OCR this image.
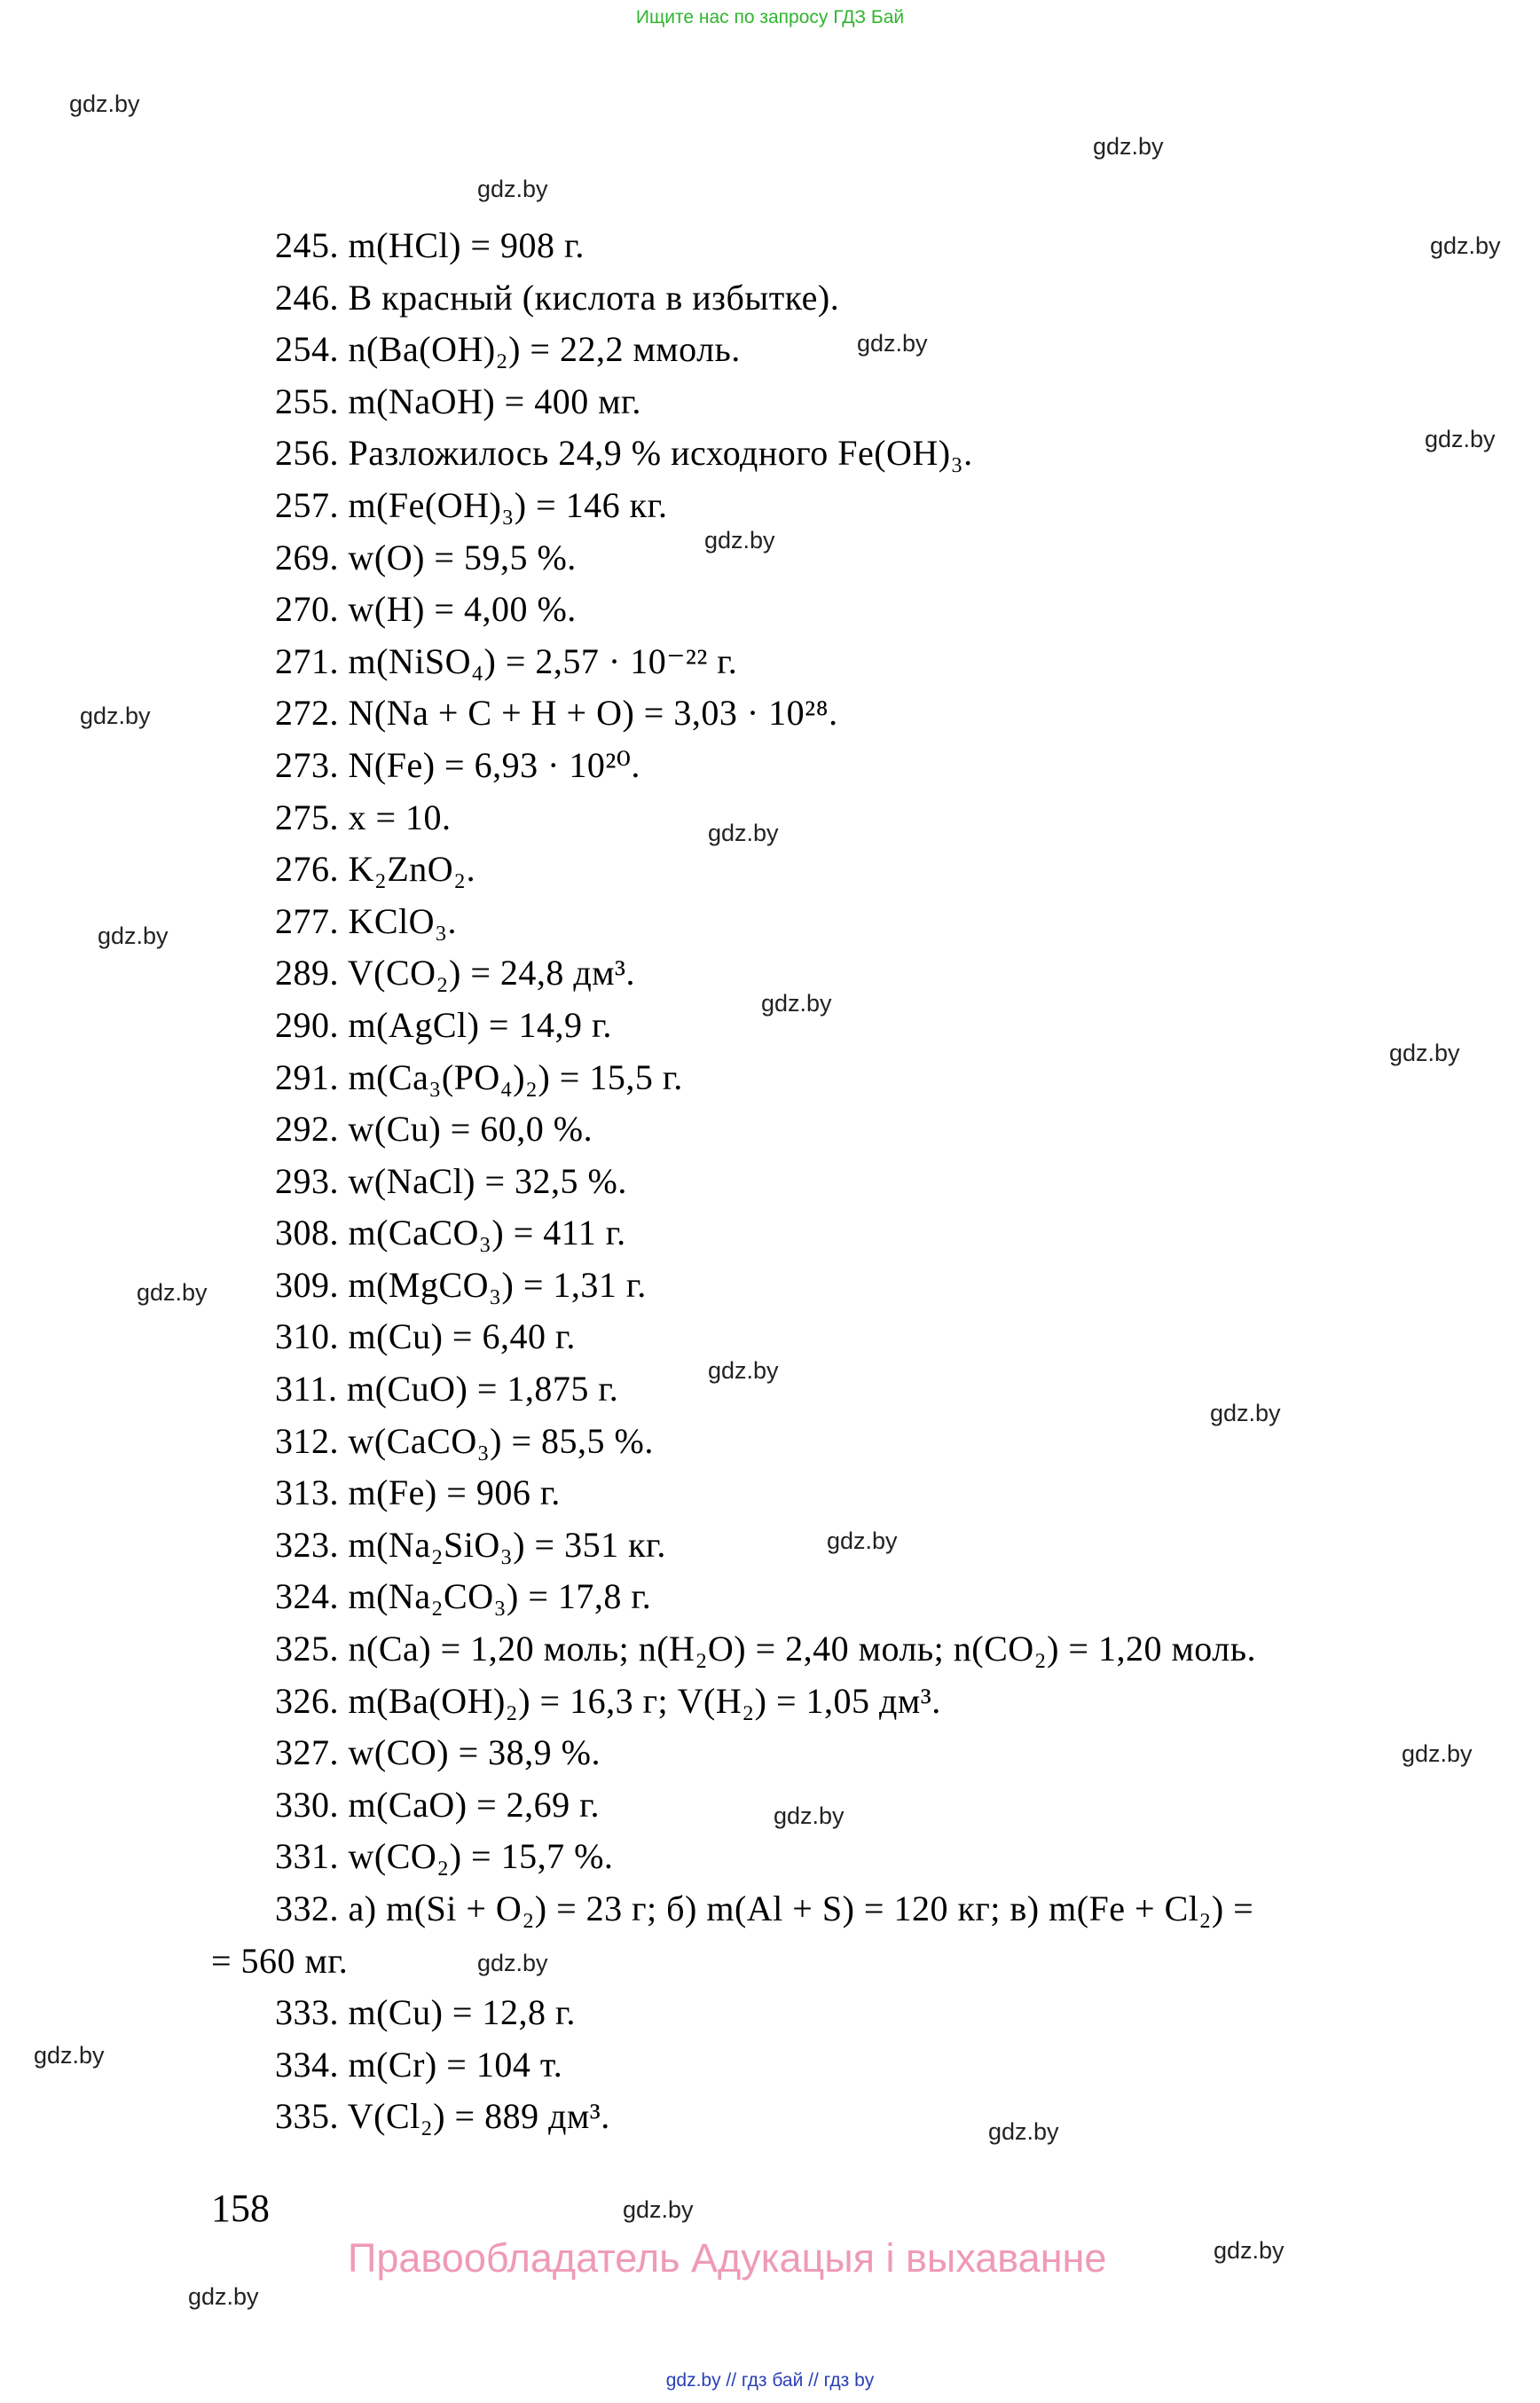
Ищите нас по запросу ГДЗ Бай
gdz.by
gdz.by
gdz.by
gdz.by
gdz.by
gdz.by
gdz.by
gdz.by
gdz.by
gdz.by
gdz.by
gdz.by
gdz.by
gdz.by
gdz.by
gdz.by
gdz.by
gdz.by
gdz.by
gdz.by
gdz.by
gdz.by
gdz.by
gdz.by
245. m(HCl) = 908 г.
246. В красный (кислота в избытке).
254. n(Ba(OH)₂) = 22,2 ммоль.
255. m(NaOH) = 400 мг.
256. Разложилось 24,9 % исходного Fe(OH)₃.
257. m(Fe(OH)₃) = 146 кг.
269. w(O) = 59,5 %.
270. w(H) = 4,00 %.
271. m(NiSO₄) = 2,57 · 10⁻²² г.
272. N(Na + C + H + O) = 3,03 · 10²⁸.
273. N(Fe) = 6,93 · 10²⁰.
275. x = 10.
276. K₂ZnO₂.
277. KClO₃.
289. V(CO₂) = 24,8 дм³.
290. m(AgCl) = 14,9 г.
291. m(Ca₃(PO₄)₂) = 15,5 г.
292. w(Cu) = 60,0 %.
293. w(NaCl) = 32,5 %.
308. m(CaCO₃) = 411 г.
309. m(MgCO₃) = 1,31 г.
310. m(Cu) = 6,40 г.
311. m(CuO) = 1,875 г.
312. w(CaCO₃) = 85,5 %.
313. m(Fe) = 906 г.
323. m(Na₂SiO₃) = 351 кг.
324. m(Na₂CO₃) = 17,8 г.
325. n(Ca) = 1,20 моль; n(H₂O) = 2,40 моль; n(CO₂) = 1,20 моль.
326. m(Ba(OH)₂) = 16,3 г; V(H₂) = 1,05 дм³.
327. w(CO) = 38,9 %.
330. m(CaO) = 2,69 г.
331. w(CO₂) = 15,7 %.
332. а) m(Si + O₂) = 23 г; б) m(Al + S) = 120 кг; в) m(Fe + Cl₂) =
= 560 мг.
333. m(Cu) = 12,8 г.
334. m(Cr) = 104 т.
335. V(Cl₂) = 889 дм³.
158
Правообладатель Адукацыя і выхаванне
gdz.by // гдз бай // гдз by
